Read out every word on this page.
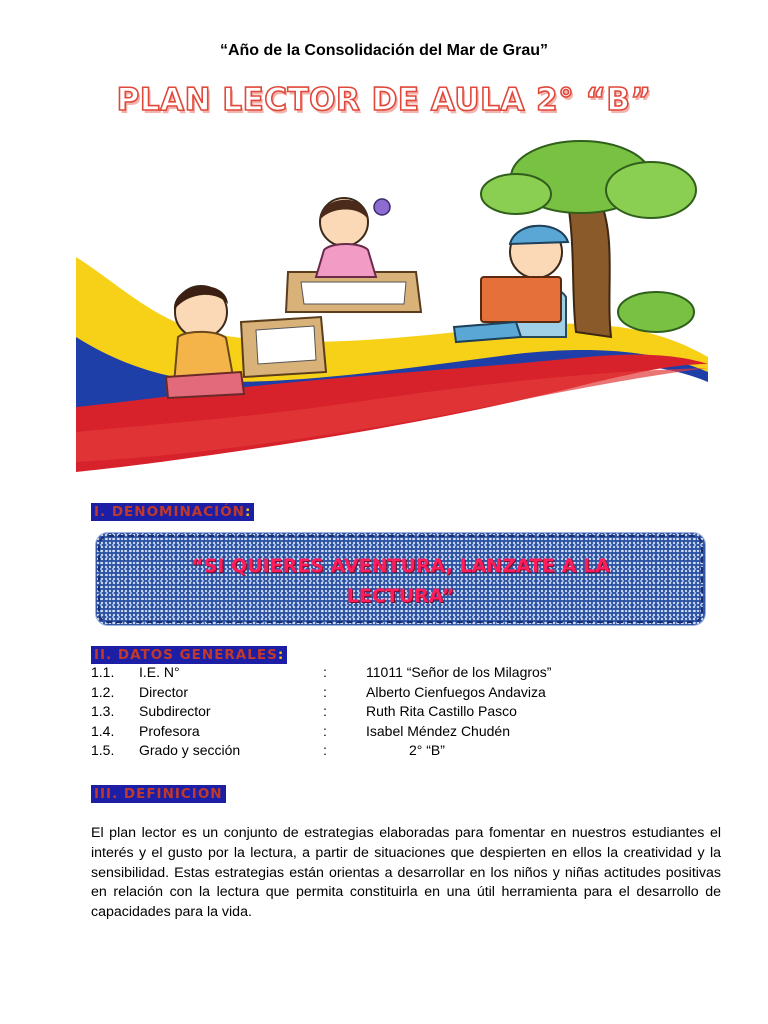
“Año de la Consolidación del Mar de Grau”
PLAN LECTOR DE AULA 2° “B”
I. DENOMINACIÓN:
“SI QUIERES AVENTURA, LANZATE A LA
LECTURA”
II. DATOS GENERALES:
1.1. I.E. N°	:	11011 “Señor de los Milagros”
1.2. Director	:	Alberto Cienfuegos Andaviza
1.3. Subdirector	:	Ruth Rita Castillo Pasco
1.4. Profesora	:	Isabel Méndez Chudén
1.5. Grado y sección	:	2° “B”
III. DEFINICION
El plan lector es un conjunto de estrategias elaboradas para fomentar en nuestros estudiantes el interés y el gusto por la lectura, a partir de situaciones que despierten en ellos la creatividad y la sensibilidad. Estas estrategias están orientas a desarrollar en los niños y niñas actitudes positivas en relación con la lectura que permita constituirla en una útil herramienta para el desarrollo de capacidades para la vida.
